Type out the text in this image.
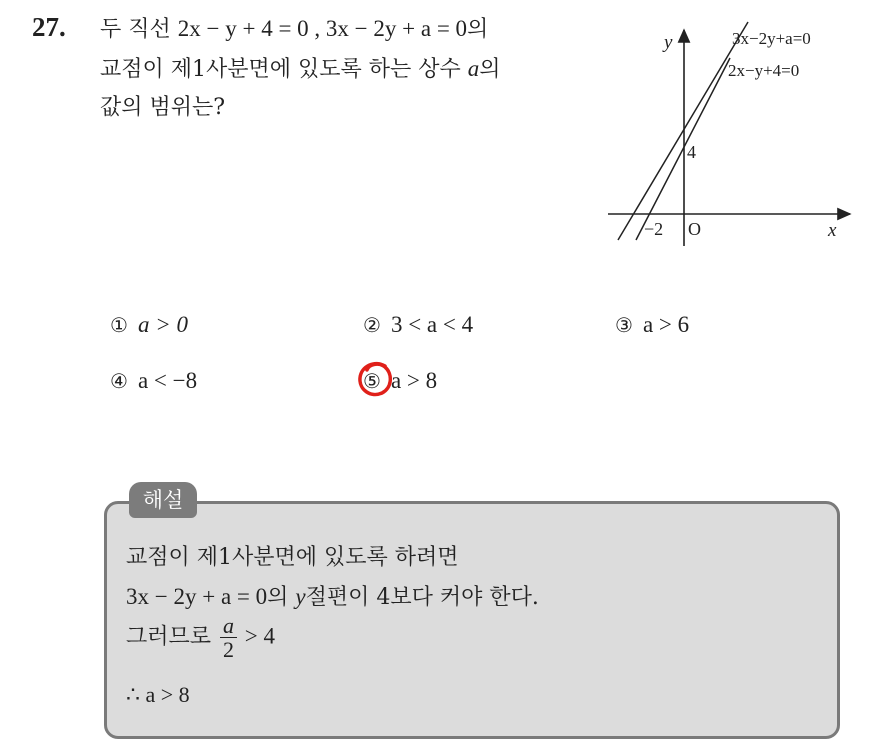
27. 두 직선 2x − y + 4 = 0 , 3x − 2y + a = 0의
교점이 제1사분면에 있도록 하는 상수 a의
값의 범위는?
y
x
O
4
−2
3x−2y+a=0
2x−y+4=0
① a > 0	② 3 < a < 4	③ a > 6
④ a < −8	⑤ a > 8
해설
교점이 제1사분면에 있도록 하려면
3x − 2y + a = 0의 y절편이 4보다 커야 한다.
그러므로 $\frac{a}{2} > 4$
∴ a > 8
